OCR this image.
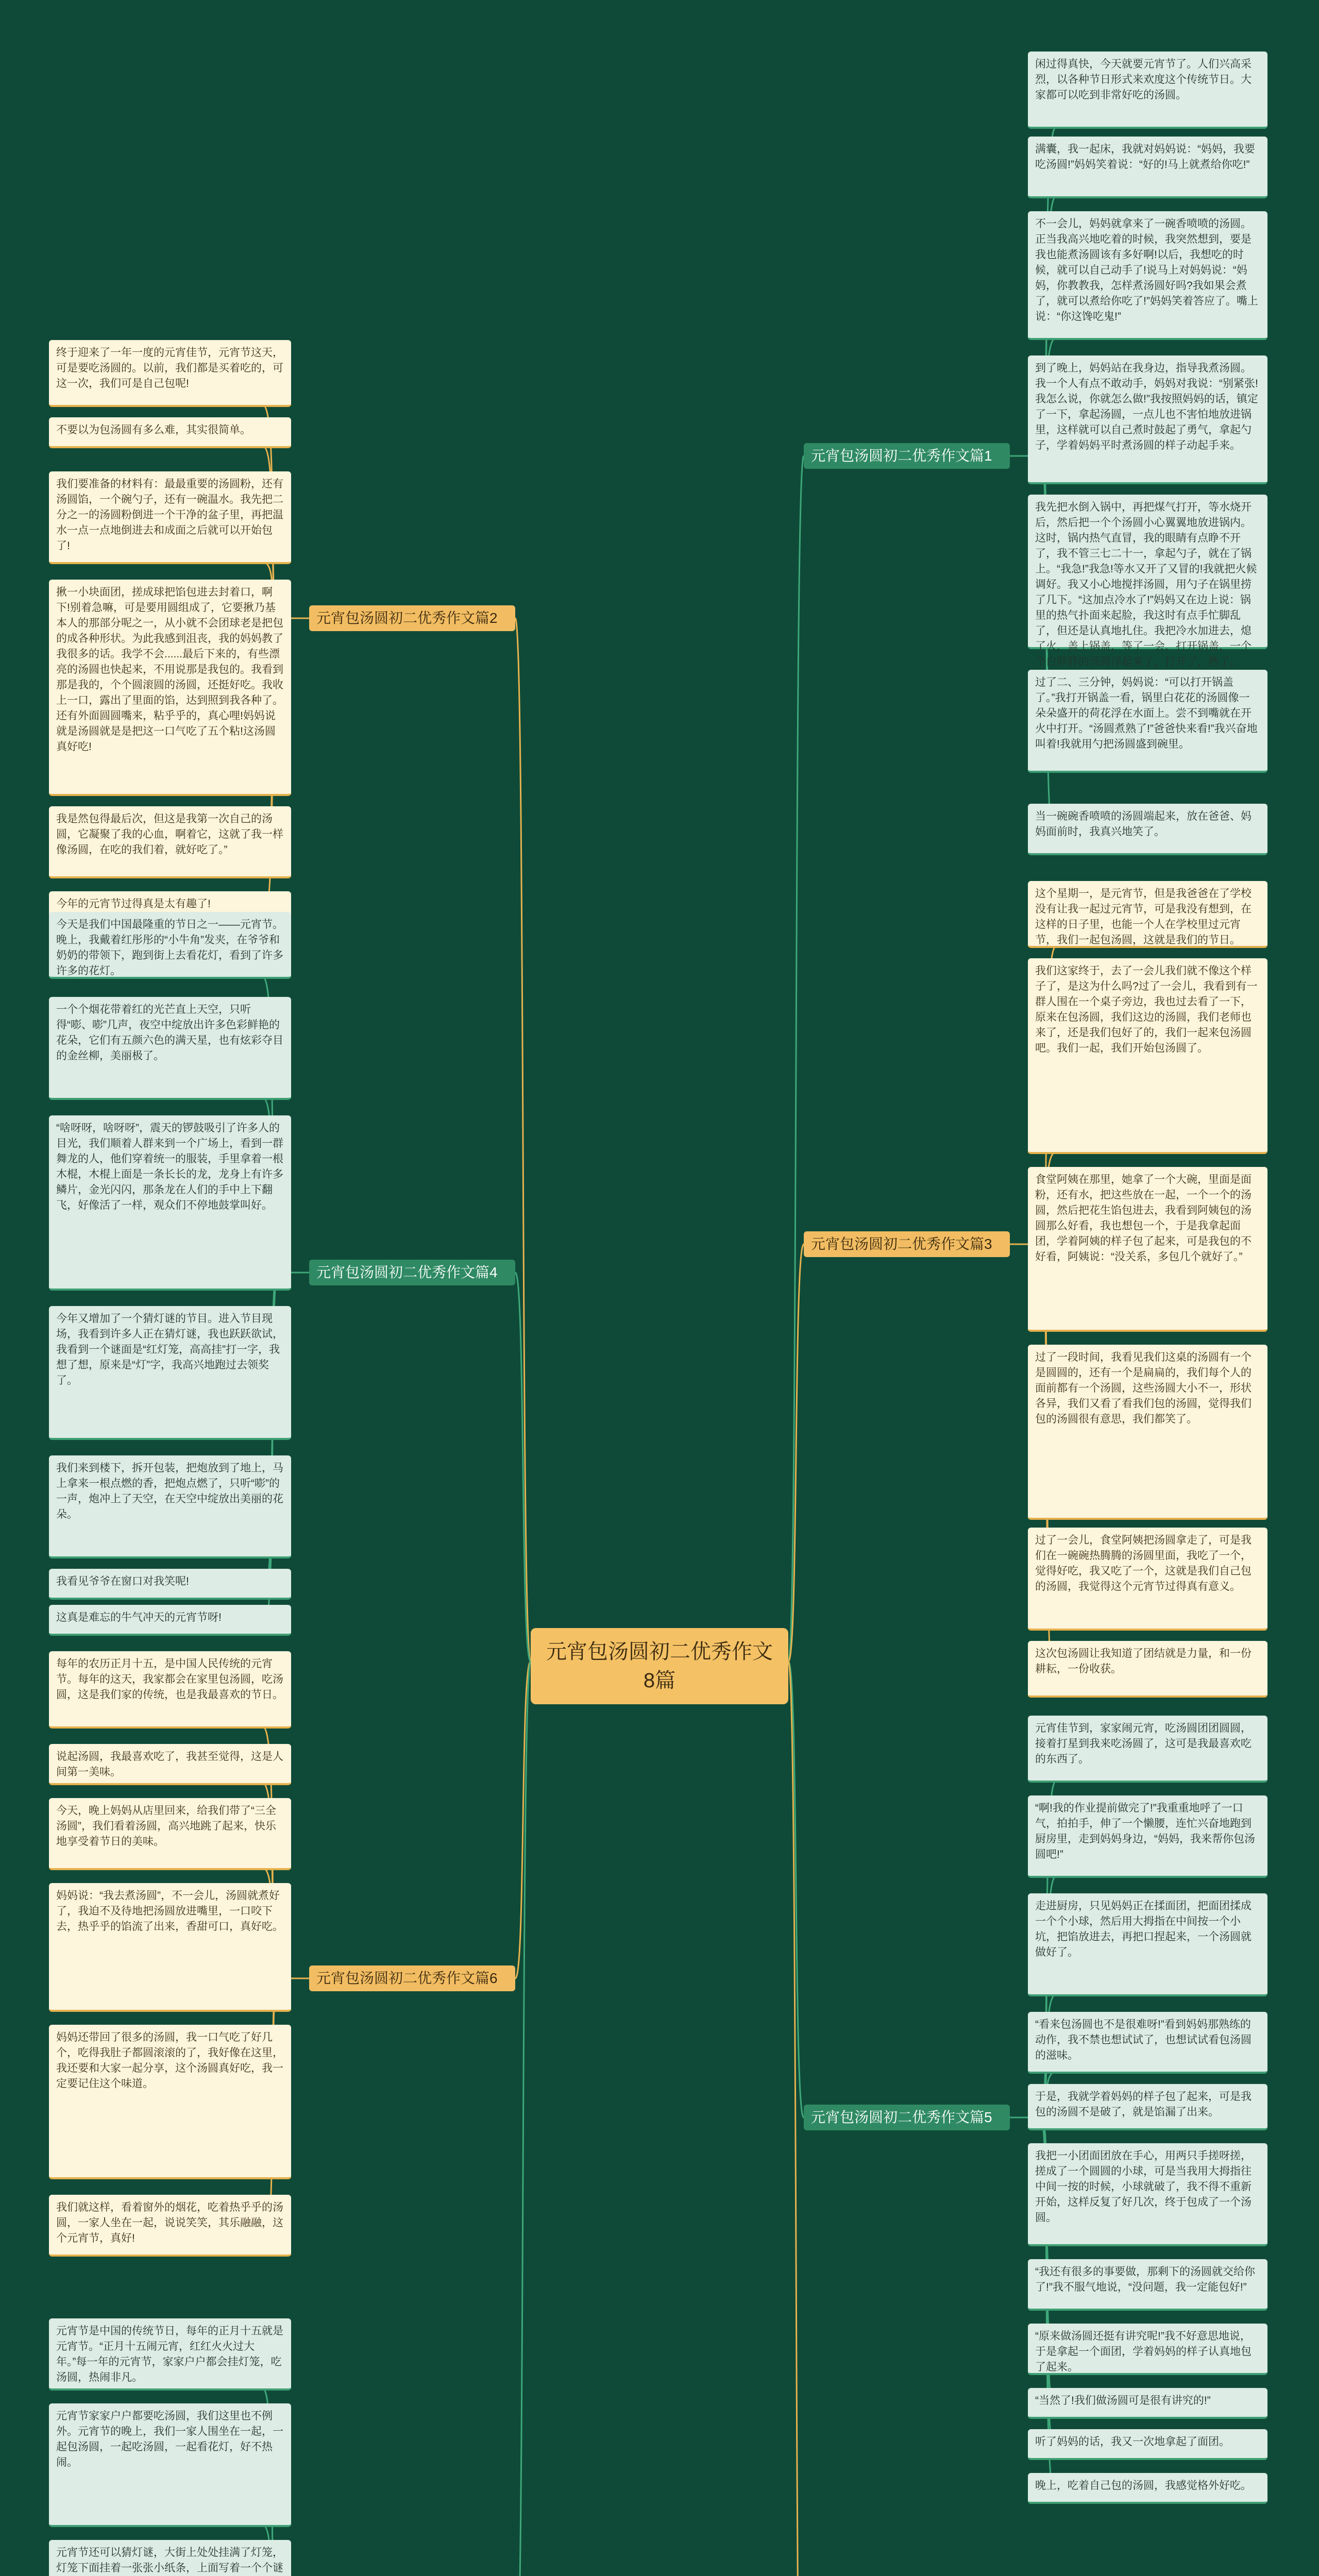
元宵包汤圆初二优秀作文8篇
元宵包汤圆初二优秀作文篇1
闲过得真快，今天就要元宵节了。人们兴高采烈，以各种节日形式来欢度这个传统节日。大家都可以吃到非常好吃的汤圆。
满囊，我一起床，我就对妈妈说：“妈妈，我要吃汤圆!”妈妈笑着说：“好的!马上就煮给你吃!”
不一会儿，妈妈就拿来了一碗香喷喷的汤圆。正当我高兴地吃着的时候，我突然想到，要是我也能煮汤圆该有多好啊!以后，我想吃的时候，就可以自己动手了!说马上对妈妈说：“妈妈，你教教我，怎样煮汤圆好吗?我如果会煮了，就可以煮给你吃了!”妈妈笑着答应了。嘴上说：“你这馋吃鬼!”
到了晚上，妈妈站在我身边，指导我煮汤圆。我一个人有点不敢动手，妈妈对我说：“别紧张!我怎么说，你就怎么做!”我按照妈妈的话，镇定了一下，拿起汤圆，一点儿也不害怕地放进锅里，这样就可以自己煮时鼓起了勇气，拿起勺子，学着妈妈平时煮汤圆的样子动起手来。
我先把水倒入锅中，再把煤气打开，等水烧开后，然后把一个个汤圆小心翼翼地放进锅内。这时，锅内热气直冒，我的眼睛有点睁不开了，我不管三七二十一，拿起勺子，就在了锅上。“我急!”我急!等水又开了又冒的!我就把火候调好。我又小心地搅拌汤圆，用勺子在锅里捞了几下。“这加点冷水了!”妈妈又在边上说：锅里的热气扑面来起脸，我这时有点手忙脚乱了，但还是认真地扎住。我把冷水加进去，熄了火，盖上锅盖，等了一会，打开锅盖，一个个白胖胖的汤圆浮起来了，打开了，熟了。
过了二、三分钟，妈妈说：“可以打开锅盖了。”我打开锅盖一看，锅里白花花的汤圆像一朵朵盛开的荷花浮在水面上。尝不到嘴就在开火中打开。“汤圆煮熟了!”爸爸快来看!”我兴奋地叫着!我就用勺把汤圆盛到碗里。
当一碗碗香喷喷的汤圆端起来，放在爸爸、妈妈面前时，我真兴地笑了。
元宵包汤圆初二优秀作文篇2
终于迎来了一年一度的元宵佳节，元宵节这天，可是要吃汤圆的。以前，我们都是买着吃的，可这一次，我们可是自己包呢!
不要以为包汤圆有多么难，其实很简单。
我们要准备的材料有：最最重要的汤圆粉，还有汤圆馅，一个碗勺子，还有一碗温水。我先把二分之一的汤圆粉倒进一个干净的盆子里，再把温水一点一点地倒进去和成面之后就可以开始包了!
揪一小块面团，搓成球把馅包进去封着口，啊下!别着急嘛，可是要用圆组成了，它要揪乃基本人的那部分呢之一，从小就不会团球老是把包的成各种形状。为此我感到沮丧，我的妈妈教了我很多的话。我学不会......最后下来的，有些漂亮的汤圆也快起来，不用说那是我包的。我看到那是我的，个个圆滚圆的汤圆，还挺好吃。我收上一口，露出了里面的馅，达到照到我各种了。还有外面圆圆嘴来，粘乎乎的，真心哩!妈妈说就是汤圆就是是把这一口气吃了五个粘!这汤圆真好吃!
我是然包得最后次，但这是我第一次自己的汤圆，它凝聚了我的心血，啊着它，这就了我一样像汤圆，在吃的我们着，就好吃了。”
今年的元宵节过得真是太有趣了!
元宵包汤圆初二优秀作文篇3
这个星期一，是元宵节，但是我爸爸在了学校没有让我一起过元宵节，可是我没有想到，在这样的日子里，也能一个人在学校里过元宵节，我们一起包汤圆，这就是我们的节日。
我们这家终于，去了一会儿我们就不像这个样子了，是这为什么吗?过了一会儿，我看到有一群人围在一个桌子旁边，我也过去看了一下，原来在包汤圆，我们这边的汤圆，我们老师也来了，还是我们包好了的，我们一起来包汤圆吧。我们一起，我们开始包汤圆了。
食堂阿姨在那里，她拿了一个大碗，里面是面粉，还有水，把这些放在一起，一个一个的汤圆，然后把花生馅包进去，我看到阿姨包的汤圆那么好看，我也想包一个，于是我拿起面团，学着阿姨的样子包了起来，可是我包的不好看，阿姨说：“没关系，多包几个就好了。”
过了一段时间，我看见我们这桌的汤圆有一个是圆圆的，还有一个是扁扁的，我们每个人的面前都有一个汤圆，这些汤圆大小不一，形状各异，我们又看了看我们包的汤圆，觉得我们包的汤圆很有意思，我们都笑了。
过了一会儿，食堂阿姨把汤圆拿走了，可是我们在一碗碗热腾腾的汤圆里面，我吃了一个，觉得好吃，我又吃了一个，这就是我们自己包的汤圆，我觉得这个元宵节过得真有意义。
这次包汤圆让我知道了团结就是力量，和一份耕耘，一份收获。
元宵包汤圆初二优秀作文篇4
今天是我们中国最隆重的节日之一——元宵节。晚上，我戴着红彤彤的“小牛角”发夹，在爷爷和奶奶的带领下，跑到街上去看花灯，看到了许多许多的花灯。
一个个烟花带着红的光芒直上天空，只听得“嘭、嘭”几声，夜空中绽放出许多色彩鲜艳的花朵，它们有五颜六色的满天星，也有炫彩夺目的金丝柳，美丽极了。
“啥呀呀，啥呀呀”，震天的锣鼓吸引了许多人的目光，我们顺着人群来到一个广场上，看到一群舞龙的人，他们穿着统一的服装，手里拿着一根木棍，木棍上面是一条长长的龙，龙身上有许多鳞片，金光闪闪，那条龙在人们的手中上下翻飞，好像活了一样，观众们不停地鼓掌叫好。
今年又增加了一个猜灯谜的节目。进入节目现场，我看到许多人正在猜灯谜，我也跃跃欲试，我看到一个谜面是“红灯笼，高高挂”打一字，我想了想，原来是“灯”字，我高兴地跑过去领奖了。
我们来到楼下，拆开包装，把炮放到了地上，马上拿来一根点燃的香，把炮点燃了，只听“嘭”的一声，炮冲上了天空，在天空中绽放出美丽的花朵。
我看见爷爷在窗口对我笑呢!
这真是难忘的牛气冲天的元宵节呀!
元宵包汤圆初二优秀作文篇5
元宵佳节到，家家闹元宵，吃汤圆团团圆圆，接着打星到我来吃汤圆了，这可是我最喜欢吃的东西了。
“啊!我的作业提前做完了!”我重重地呼了一口气，拍拍手，伸了一个懒腰，连忙兴奋地跑到厨房里，走到妈妈身边，“妈妈，我来帮你包汤圆吧!”
走进厨房，只见妈妈正在揉面团，把面团揉成一个个小球，然后用大拇指在中间按一个小坑，把馅放进去，再把口捏起来，一个汤圆就做好了。
“看来包汤圆也不是很难呀!”看到妈妈那熟练的动作，我不禁也想试试了，也想试试看包汤圆的滋味。
于是，我就学着妈妈的样子包了起来，可是我包的汤圆不是破了，就是馅漏了出来。
我把一小团面团放在手心，用两只手搓呀搓，搓成了一个圆圆的小球，可是当我用大拇指往中间一按的时候，小球就破了，我不得不重新开始，这样反复了好几次，终于包成了一个汤圆。
“我还有很多的事要做，那剩下的汤圆就交给你了!”我不服气地说，“没问题，我一定能包好!”
“原来做汤圆还挺有讲究呢!”我不好意思地说，于是拿起一个面团，学着妈妈的样子认真地包了起来。
“当然了!我们做汤圆可是很有讲究的!”
听了妈妈的话，我又一次地拿起了面团。
晚上，吃着自己包的汤圆，我感觉格外好吃。
元宵包汤圆初二优秀作文篇6
每年的农历正月十五，是中国人民传统的元宵节。每年的这天，我家都会在家里包汤圆，吃汤圆，这是我们家的传统，也是我最喜欢的节日。
说起汤圆，我最喜欢吃了，我甚至觉得，这是人间第一美味。
今天，晚上妈妈从店里回来，给我们带了“三全汤圆”，我们看着汤圆，高兴地跳了起来，快乐地享受着节日的美味。
妈妈说：“我去煮汤圆”，不一会儿，汤圆就煮好了，我迫不及待地把汤圆放进嘴里，一口咬下去，热乎乎的馅流了出来，香甜可口，真好吃。
妈妈还带回了很多的汤圆，我一口气吃了好几个，吃得我肚子都圆滚滚的了，我好像在这里，我还要和大家一起分享，这个汤圆真好吃，我一定要记住这个味道。
我们就这样，看着窗外的烟花，吃着热乎乎的汤圆，一家人坐在一起，说说笑笑，其乐融融，这个元宵节，真好!
元宵节是中国的传统节日，每年的正月十五就是元宵节。“正月十五闹元宵，红红火火过大年。”每一年的元宵节，家家户户都会挂灯笼，吃汤圆，热闹非凡。
元宵节家家户户都要吃汤圆，我们这里也不例外。元宵节的晚上，我们一家人围坐在一起，一起包汤圆，一起吃汤圆，一起看花灯，好不热闹。
元宵节还可以猜灯谜，大街上处处挂满了灯笼，灯笼下面挂着一张张小纸条，上面写着一个个谜
